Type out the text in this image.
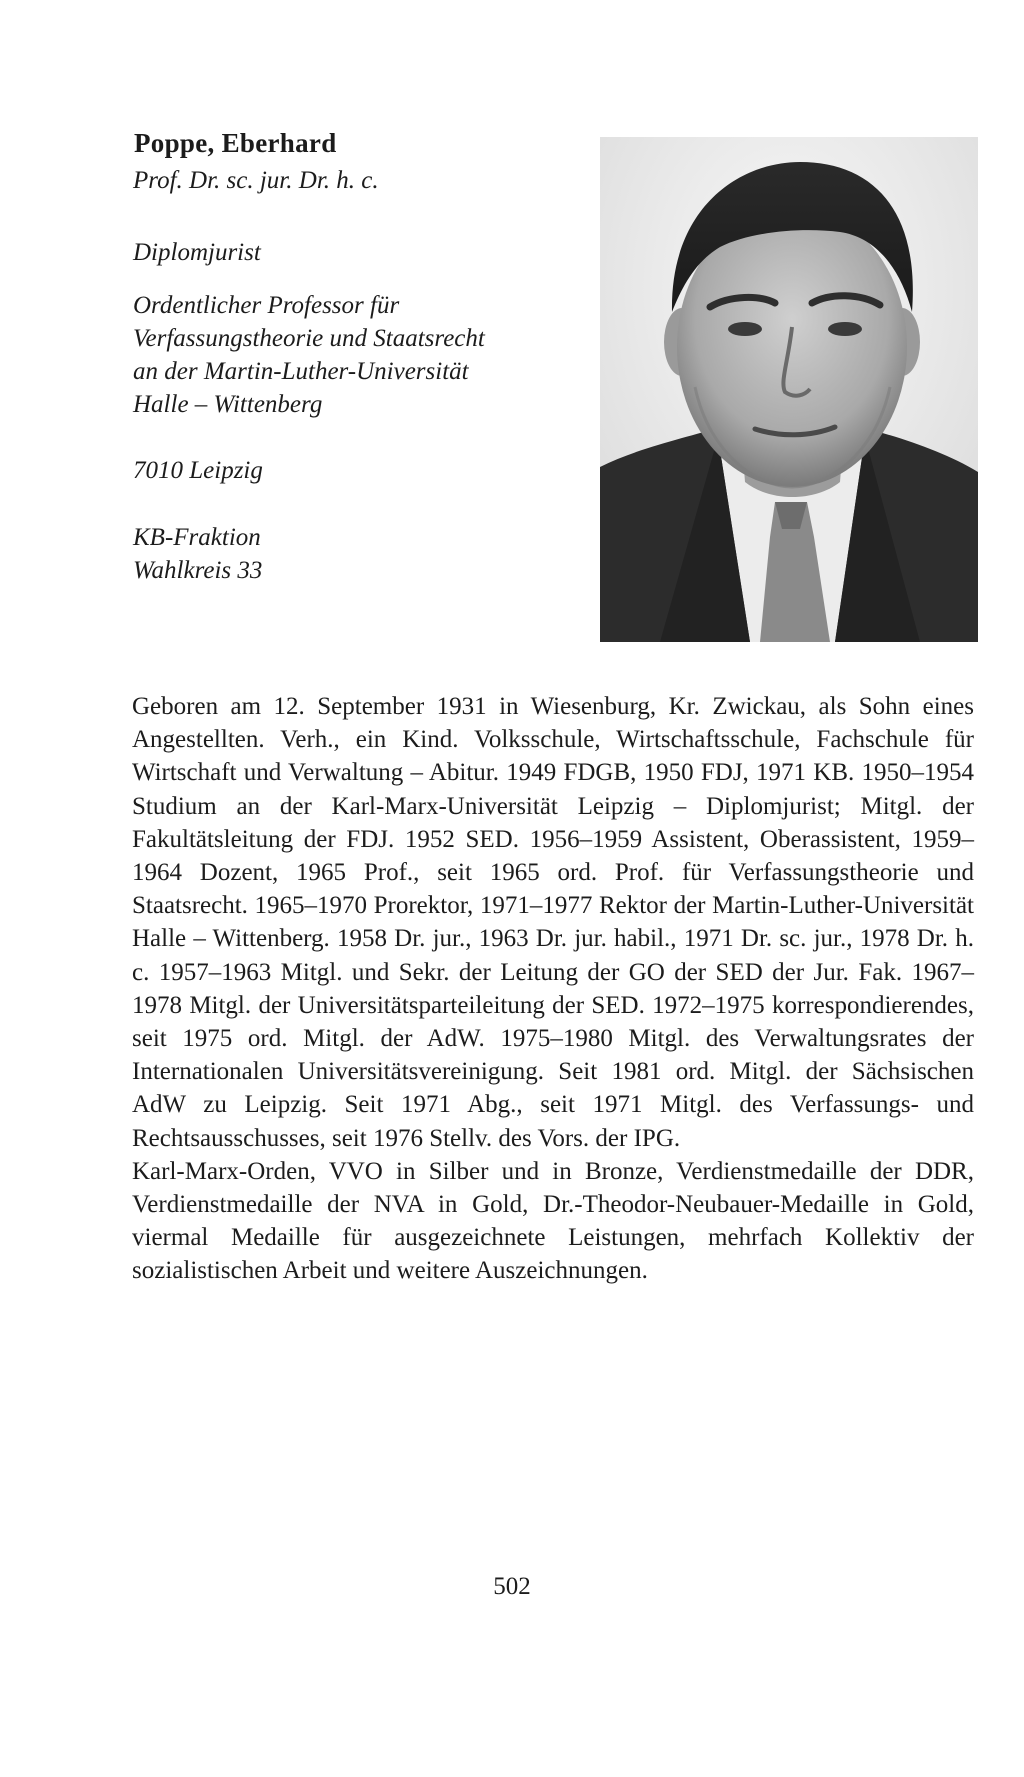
Poppe, Eberhard

Prof. Dr. sc. jur. Dr. h. c.

Diplomjurist

Ordentlicher Professor für
Verfassungstheorie und Staatsrecht
an der Martin-Luther-Universität
Halle – Wittenberg

7010 Leipzig

KB-Fraktion
Wahlkreis 33

Geboren am 12. September 1931 in Wiesenburg, Kr. Zwickau, als Sohn eines Angestellten. Verh., ein Kind. Volksschule, Wirtschaftsschule, Fachschule für Wirtschaft und Verwaltung – Abitur. 1949 FDGB, 1950 FDJ, 1971 KB. 1950–1954 Studium an der Karl-Marx-Universität Leipzig – Diplomjurist; Mitgl. der Fakultätsleitung der FDJ. 1952 SED. 1956–1959 Assistent, Oberassistent, 1959–1964 Dozent, 1965 Prof., seit 1965 ord. Prof. für Verfassungstheorie und Staatsrecht. 1965–1970 Prorektor, 1971–1977 Rektor der Martin-Luther-Universität Halle – Wittenberg. 1958 Dr. jur., 1963 Dr. jur. habil., 1971 Dr. sc. jur., 1978 Dr. h. c. 1957–1963 Mitgl. und Sekr. der Leitung der GO der SED der Jur. Fak. 1967–1978 Mitgl. der Universitätsparteileitung der SED. 1972–1975 korrespondierendes, seit 1975 ord. Mitgl. der AdW. 1975–1980 Mitgl. des Verwaltungsrates der Internationalen Universitätsvereinigung. Seit 1981 ord. Mitgl. der Sächsischen AdW zu Leipzig. Seit 1971 Abg., seit 1971 Mitgl. des Verfassungs- und Rechtsausschusses, seit 1976 Stellv. des Vors. der IPG.

Karl-Marx-Orden, VVO in Silber und in Bronze, Verdienstmedaille der DDR, Verdienstmedaille der NVA in Gold, Dr.-Theodor-Neubauer-Medaille in Gold, viermal Medaille für ausgezeichnete Leistungen, mehrfach Kollektiv der sozialistischen Arbeit und weitere Auszeichnungen.

502
